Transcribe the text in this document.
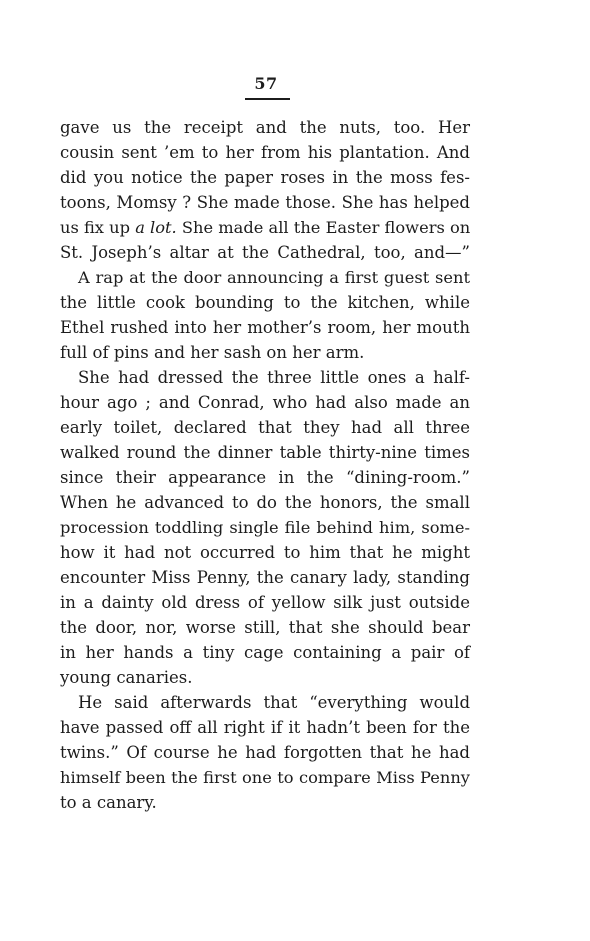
57
gave us the receipt and the nuts, too. Her
cousin sent ’em to her from his plantation. And
did you notice the paper roses in the moss fes-
toons, Momsy ? She made those. She has helped
us fix up a lot. She made all the Easter flowers on
St. Joseph’s altar at the Cathedral, too, and—”
A rap at the door announcing a first guest sent
the little cook bounding to the kitchen, while
Ethel rushed into her mother’s room, her mouth
full of pins and her sash on her arm.
She had dressed the three little ones a half-
hour ago ; and Conrad, who had also made an
early toilet, declared that they had all three
walked round the dinner table thirty-nine times
since their appearance in the “dining-room.”
When he advanced to do the honors, the small
procession toddling single file behind him, some-
how it had not occurred to him that he might
encounter Miss Penny, the canary lady, standing
in a dainty old dress of yellow silk just outside
the door, nor, worse still, that she should bear
in her hands a tiny cage containing a pair of
young canaries.
He said afterwards that “everything would
have passed off all right if it hadn’t been for the
twins.” Of course he had forgotten that he had
himself been the first one to compare Miss Penny
to a canary.
